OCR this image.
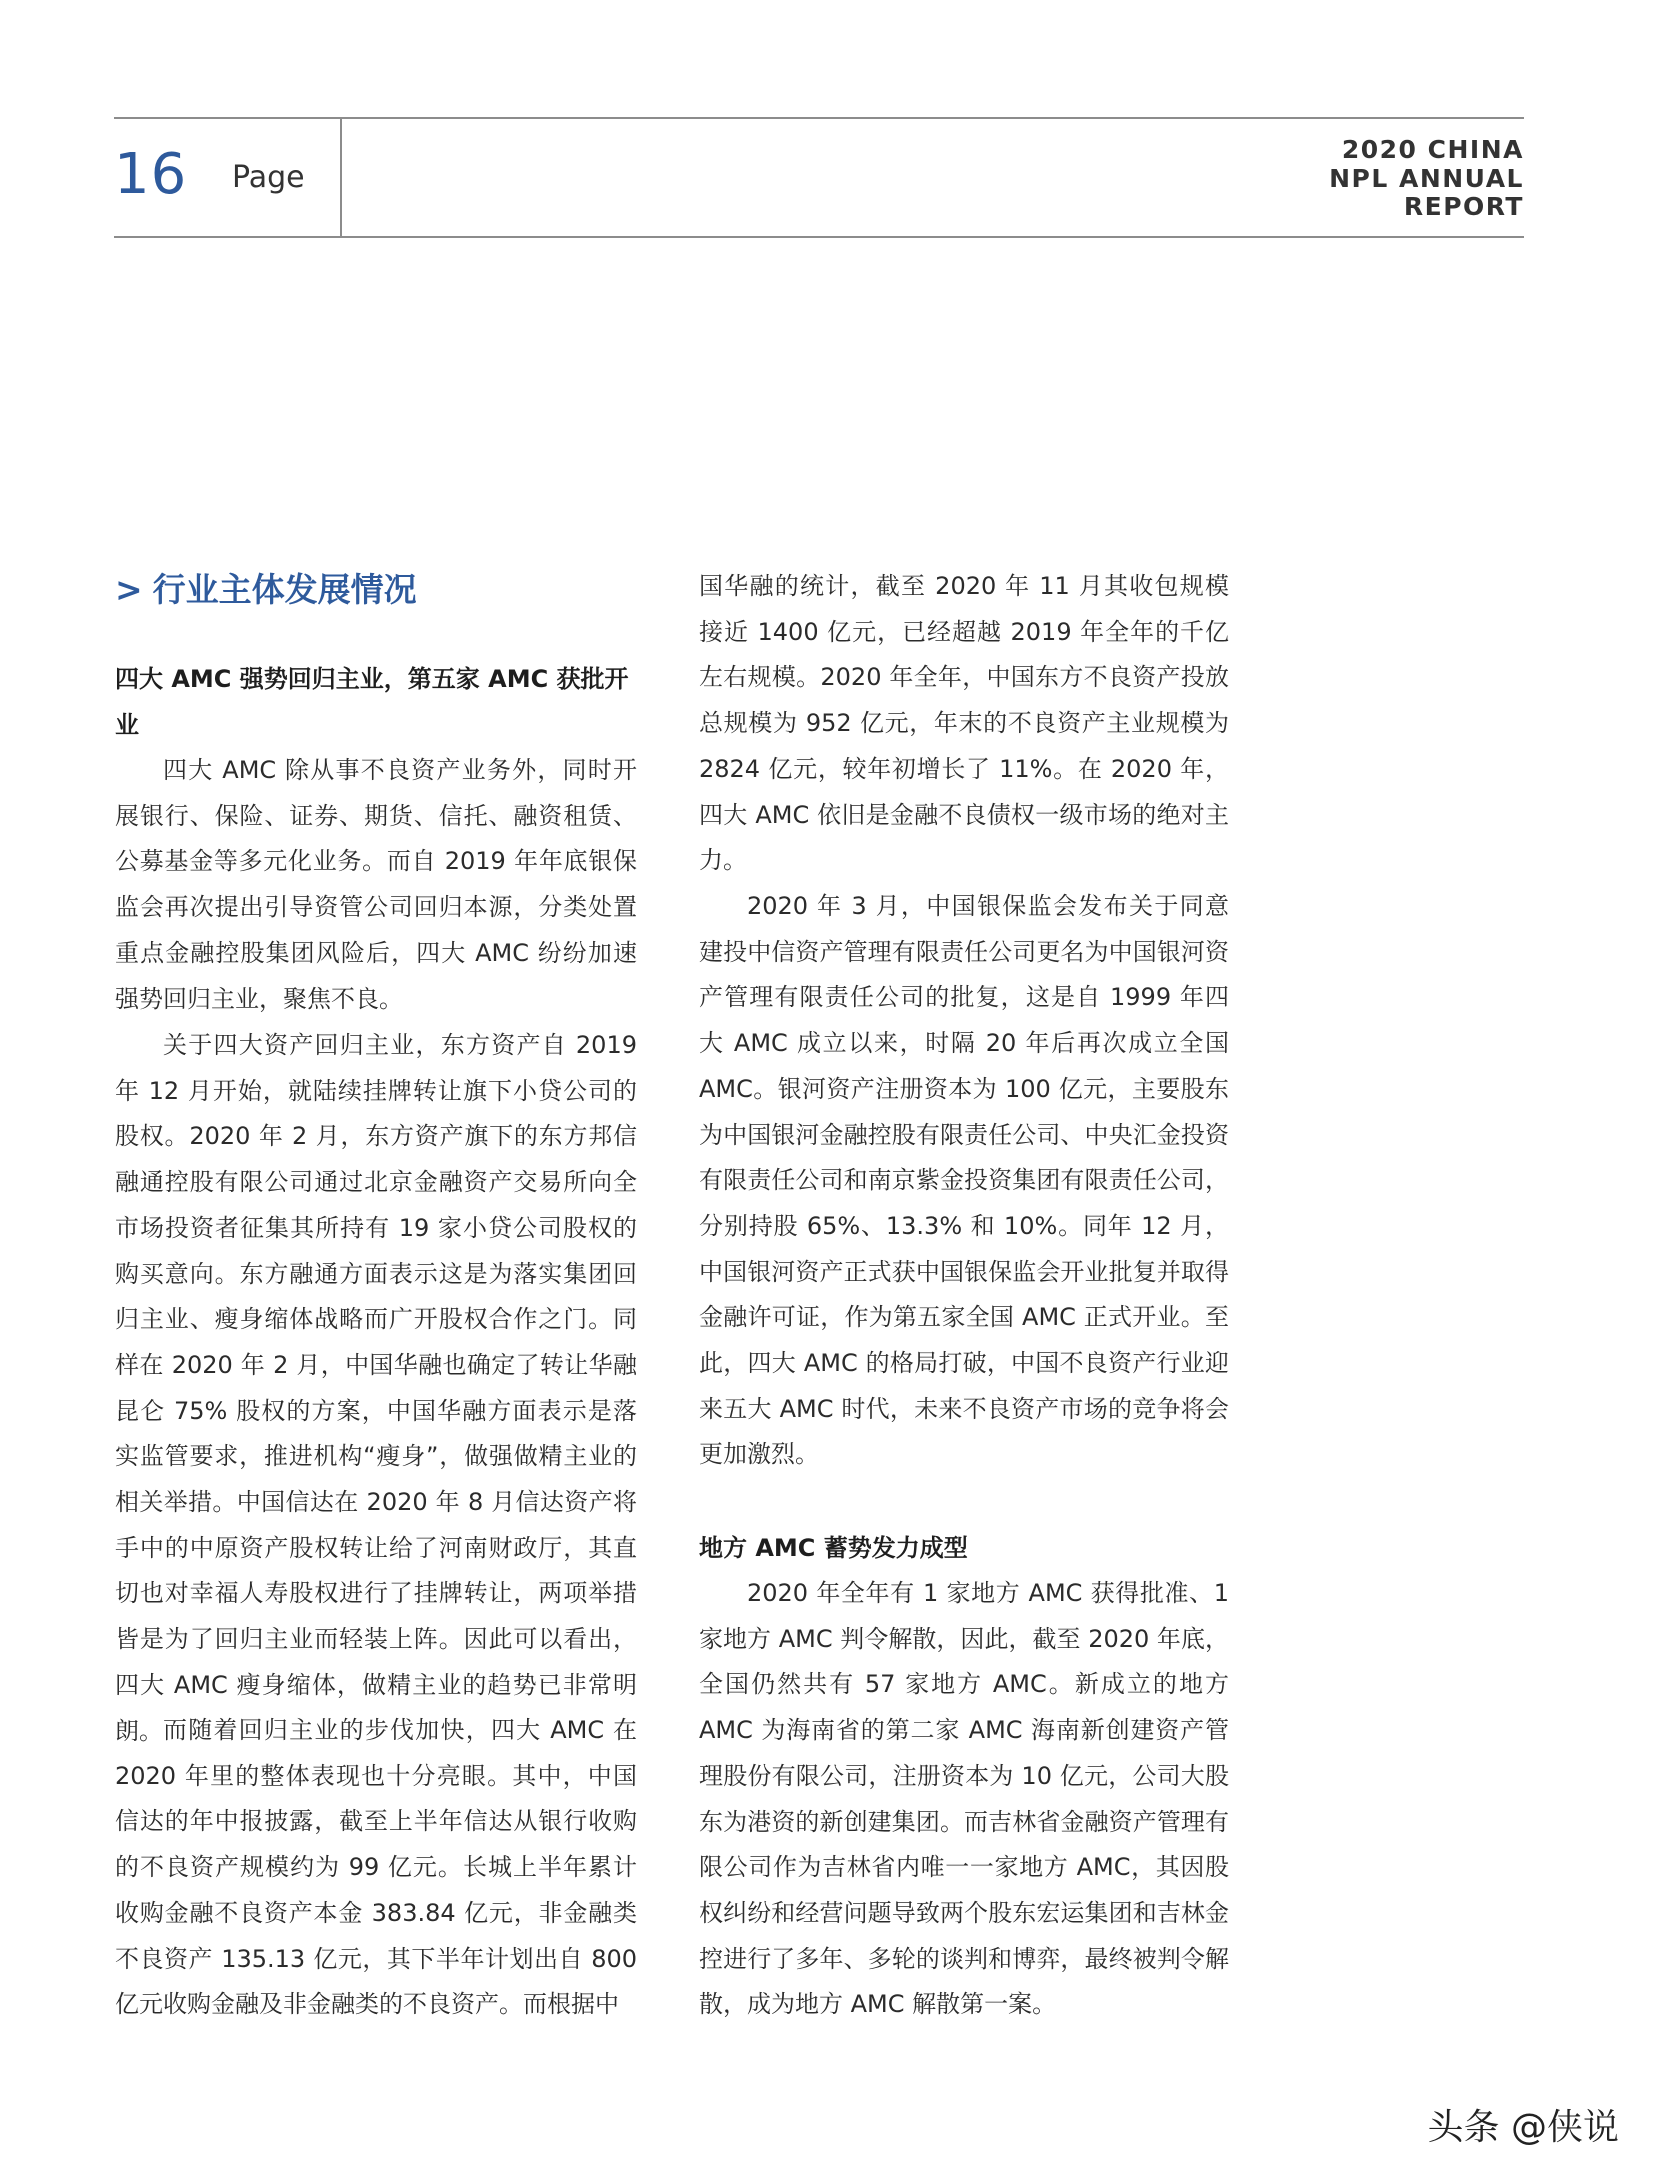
16 Page
2020 CHINA
NPL ANNUAL
REPORT
> 行业主体发展情况
四大 AMC 强势回归主业，第五家 AMC 获批开业

四大 AMC 除从事不良资产业务外，同时开展银行、保险、证券、期货、信托、融资租赁、公募基金等多元化业务。而自 2019 年年底银保监会再次提出引导资管公司回归本源，分类处置重点金融控股集团风险后，四大 AMC 纷纷加速强势回归主业，聚焦不良。

关于四大资产回归主业，东方资产自 2019 年 12 月开始，就陆续挂牌转让旗下小贷公司的股权。2020 年 2 月，东方资产旗下的东方邦信融通控股有限公司通过北京金融资产交易所向全市场投资者征集其所持有 19 家小贷公司股权的购买意向。东方融通方面表示这是为落实集团回归主业、瘦身缩体战略而广开股权合作之门。同样在 2020 年 2 月，中国华融也确定了转让华融昆仑 75% 股权的方案，中国华融方面表示是落实监管要求，推进机构“瘦身”，做强做精主业的相关举措。中国信达在 2020 年 8 月信达资产将手中的中原资产股权转让给了河南财政厅，其直切也对幸福人寿股权进行了挂牌转让，两项举措皆是为了回归主业而轻装上阵。因此可以看出，四大 AMC 瘦身缩体，做精主业的趋势已非常明朗。 而随着回归主业的步伐加快，四大 AMC 在 2020 年里的整体表现也十分亮眼。其中，中国信达的年中报披露，截至上半年信达从银行收购的不良资产规模约为 99 亿元。长城上半年累计收购金融不良资产本金 383.84 亿元，非金融类不良资产 135.13 亿元，其下半年计划出自 800 亿元收购金融及非金融类的不良资产。而根据中

国华融的统计，截至 2020 年 11 月其收包规模接近 1400 亿元，已经超越 2019 年全年的千亿左右规模。2020 年全年，中国东方不良资产投放总规模为 952 亿元，年末的不良资产主业规模为 2824 亿元，较年初增长了 11%。在 2020 年，四大 AMC 依旧是金融不良债权一级市场的绝对主力。

2020 年 3 月，中国银保监会发布关于同意建投中信资产管理有限责任公司更名为中国银河资产管理有限责任公司的批复，这是自 1999 年四大 AMC 成立以来，时隔 20 年后再次成立全国 AMC。银河资产注册资本为 100 亿元，主要股东为中国银河金融控股有限责任公司、中央汇金投资有限责任公司和南京紫金投资集团有限责任公司，分别持股 65%、13.3% 和 10%。同年 12 月，中国银河资产正式获中国银保监会开业批复并取得金融许可证，作为第五家全国 AMC 正式开业。至此，四大 AMC 的格局打破，中国不良资产行业迎来五大 AMC 时代，未来不良资产市场的竞争将会更加激烈。

地方 AMC 蓄势发力成型

2020 年全年有 1 家地方 AMC 获得批准、1 家地方 AMC 判令解散，因此，截至 2020 年底，全国仍然共有 57 家地方 AMC。新成立的地方 AMC 为海南省的第二家 AMC 海南新创建资产管理股份有限公司，注册资本为 10 亿元，公司大股东为港资的新创建集团。而吉林省金融资产管理有限公司作为吉林省内唯一一家地方 AMC，其因股权纠纷和经营问题导致两个股东宏运集团和吉林金控进行了多年、多轮的谈判和博弈，最终被判令解散，成为地方 AMC 解散第一案。

头条 @侠说
